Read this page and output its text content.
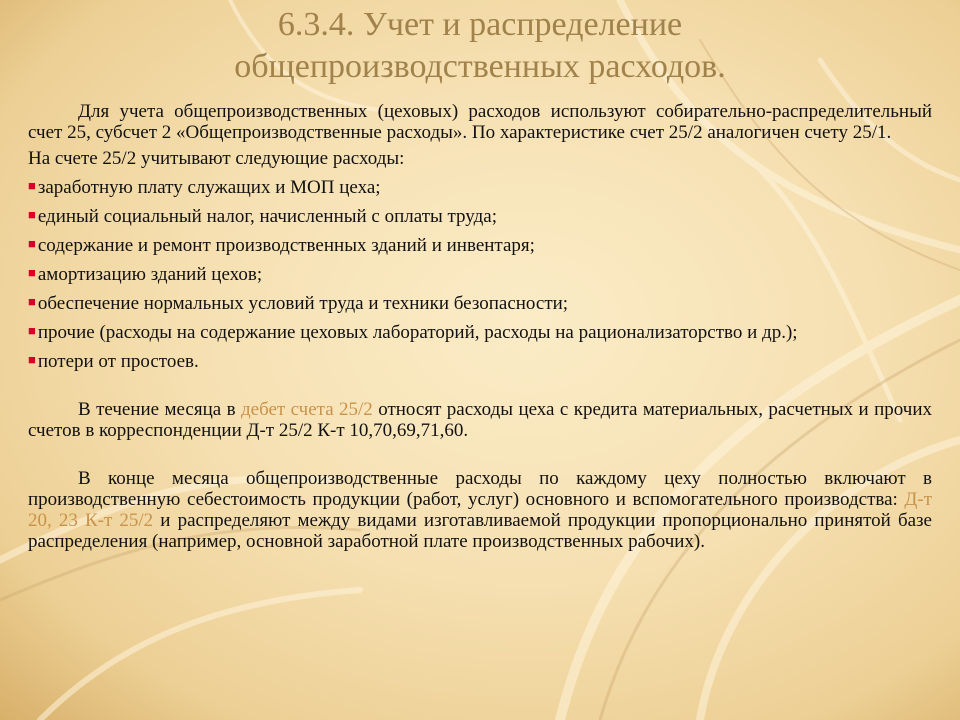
6.3.4. Учет и распределение
общепроизводственных расходов.

Для учета общепроизводственных (цеховых) расходов используют собирательно-распределительный счет 25, субсчет 2 «Общепроизводственные расходы». По характеристике счет 25/2 аналогичен счету 25/1.

На счете 25/2 учитывают следующие расходы:

■ заработную плату служащих и МОП цеха;

■ единый социальный налог, начисленный с оплаты труда;

■ содержание и ремонт производственных зданий и инвентаря;

■ амортизацию зданий цехов;

■ обеспечение нормальных условий труда и техники безопасности;

■ прочие (расходы на содержание цеховых лабораторий, расходы на рационализаторство и др.);

■ потери от простоев.

В течение месяца в дебет счета 25/2 относят расходы цеха с кредита материальных, расчетных и прочих счетов в корреспонденции Д-т 25/2 К-т 10,70,69,71,60.

В конце месяца общепроизводственные расходы по каждому цеху полностью включают в производственную себестоимость продукции (работ, услуг) основного и вспомогательного производства: Д-т 20, 23 К-т 25/2 и распределяют между видами изготавливаемой продукции пропорционально принятой базе распределения (например, основной заработной плате производственных рабочих).
